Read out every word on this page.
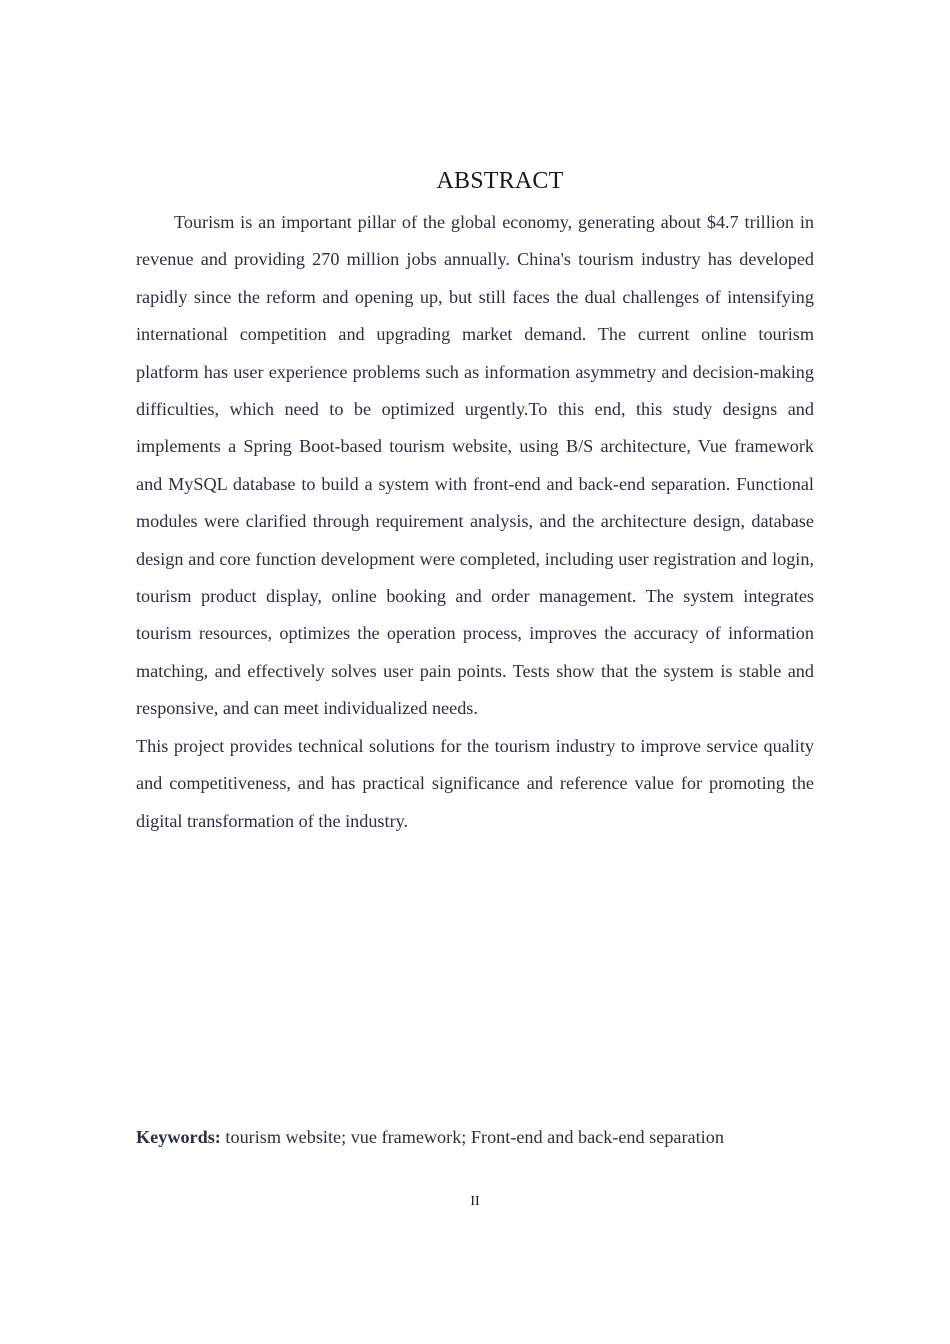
ABSTRACT

Tourism is an important pillar of the global economy, generating about $4.7 trillion in revenue and providing 270 million jobs annually. China's tourism industry has developed rapidly since the reform and opening up, but still faces the dual challenges of intensifying international competition and upgrading market demand. The current online tourism platform has user experience problems such as information asymmetry and decision-making difficulties, which need to be optimized urgently.To this end, this study designs and implements a Spring Boot-based tourism website, using B/S architecture, Vue framework and MySQL database to build a system with front-end and back-end separation. Functional modules were clarified through requirement analysis, and the architecture design, database design and core function development were completed, including user registration and login, tourism product display, online booking and order management. The system integrates tourism resources, optimizes the operation process, improves the accuracy of information matching, and effectively solves user pain points. Tests show that the system is stable and responsive, and can meet individualized needs.

This project provides technical solutions for the tourism industry to improve service quality and competitiveness, and has practical significance and reference value for promoting the digital transformation of the industry.

Keywords: tourism website; vue framework; Front-end and back-end separation
II
